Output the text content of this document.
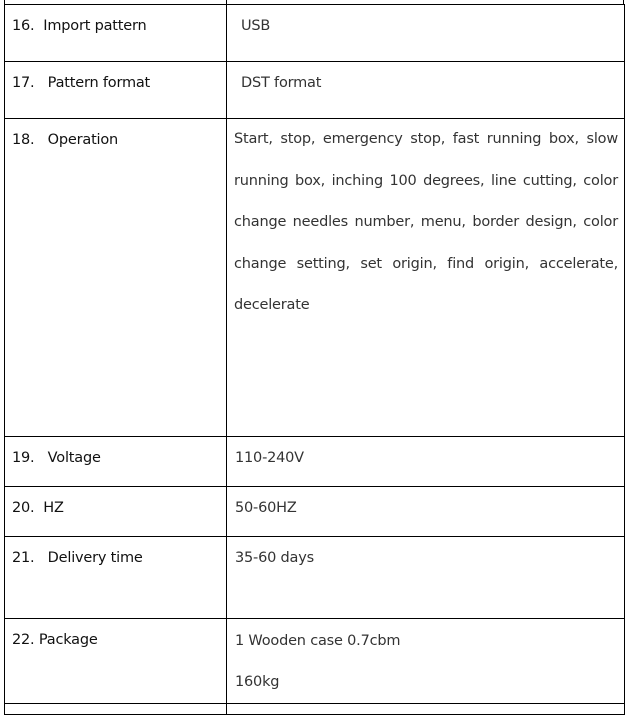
16.  Import pattern	USB

17.   Pattern format	DST format

18.   Operation	Start, stop, emergency stop, fast running box, slow running box, inching 100 degrees, line cutting, color change needles number, menu, border design, color change setting, set origin, find origin, accelerate, decelerate

19.   Voltage	110-240V

20.  HZ	50-60HZ

21.   Delivery time	35-60 days

22. Package	1 Wooden case 0.7cbm
160kg
